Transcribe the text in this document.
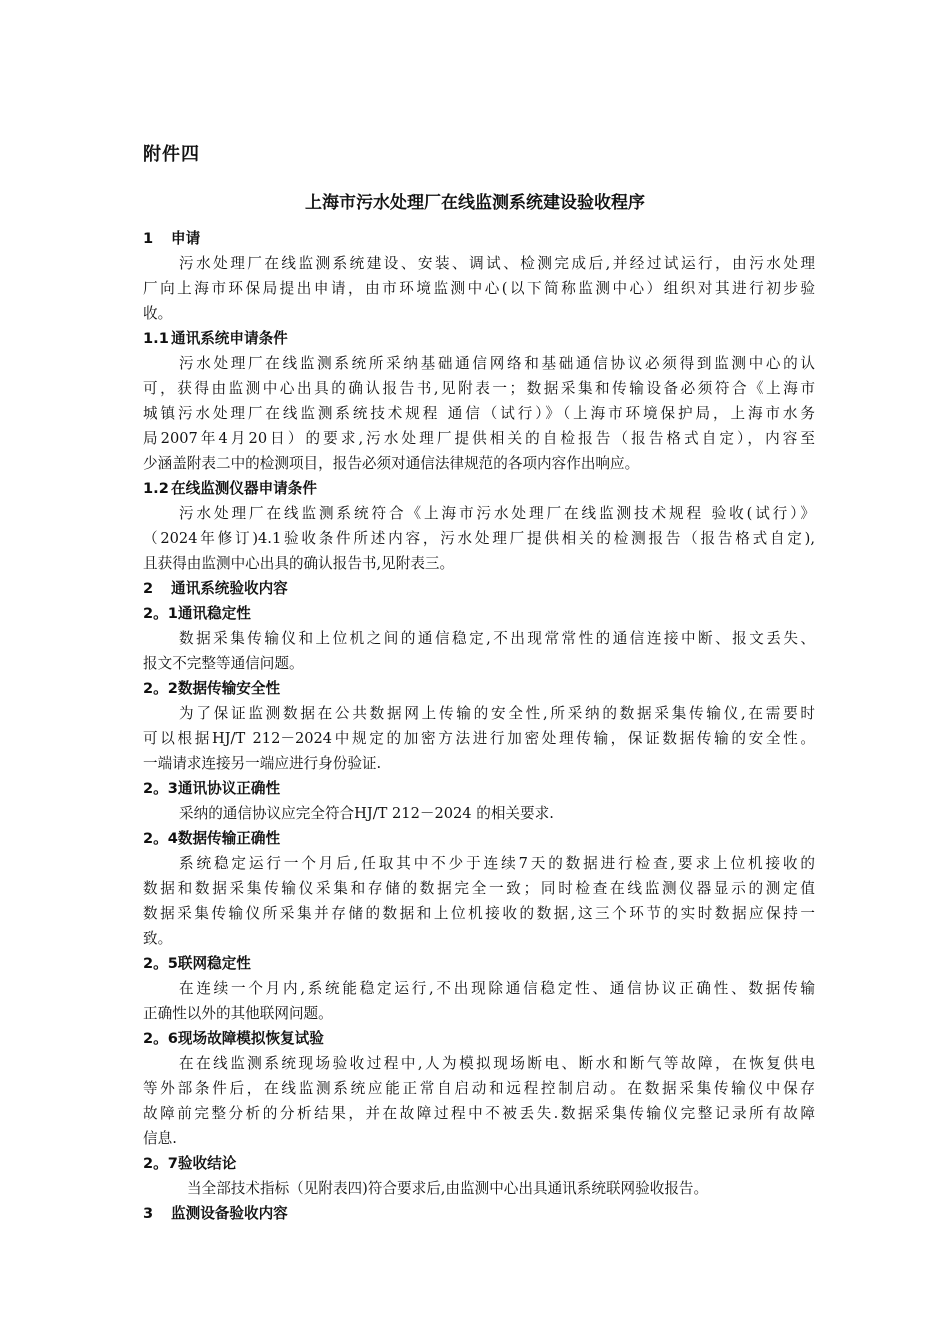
附件四
上海市污水处理厂在线监测系统建设验收程序
1 申请
污水处理厂在线监测系统建设、安装、调试、检测完成后,并经过试运行，由污水处理
厂向上海市环保局提出申请，由市环境监测中心(以下简称监测中心）组织对其进行初步验
收。
1.1 通讯系统申请条件
污水处理厂在线监测系统所采纳基础通信网络和基础通信协议必须得到监测中心的认
可，获得由监测中心出具的确认报告书,见附表一；数据采集和传输设备必须符合《上海市
城镇污水处理厂在线监测系统技术规程 通信（试行）》（上海市环境保护局，上海市水务
局2007年4月20日）的要求,污水处理厂提供相关的自检报告（报告格式自定），内容至
少涵盖附表二中的检测项目，报告必须对通信法律规范的各项内容作出响应。
1.2 在线监测仪器申请条件
污水处理厂在线监测系统符合《上海市污水处理厂在线监测技术规程 验收(试行）》
（2024年修订)4.1验收条件所述内容，污水处理厂提供相关的检测报告（报告格式自定),
且获得由监测中心出具的确认报告书,见附表三。
2 通讯系统验收内容
2。1通讯稳定性
数据采集传输仪和上位机之间的通信稳定,不出现常常性的通信连接中断、报文丢失、
报文不完整等通信问题。
2。2数据传输安全性
为了保证监测数据在公共数据网上传输的安全性,所采纳的数据采集传输仪,在需要时
可以根据HJ/T 212－2024中规定的加密方法进行加密处理传输，保证数据传输的安全性。
一端请求连接另一端应进行身份验证.
2。3通讯协议正确性
采纳的通信协议应完全符合HJ/T 212－2024 的相关要求.
2。4数据传输正确性
系统稳定运行一个月后,任取其中不少于连续7天的数据进行检查,要求上位机接收的
数据和数据采集传输仪采集和存储的数据完全一致；同时检查在线监测仪器显示的测定值
数据采集传输仪所采集并存储的数据和上位机接收的数据,这三个环节的实时数据应保持一
致。
2。5联网稳定性
在连续一个月内,系统能稳定运行,不出现除通信稳定性、通信协议正确性、数据传输
正确性以外的其他联网问题。
2。6现场故障模拟恢复试验
在在线监测系统现场验收过程中,人为模拟现场断电、断水和断气等故障，在恢复供电
等外部条件后，在线监测系统应能正常自启动和远程控制启动。在数据采集传输仪中保存
故障前完整分析的分析结果，并在故障过程中不被丢失.数据采集传输仪完整记录所有故障
信息.
2。7验收结论
当全部技术指标（见附表四)符合要求后,由监测中心出具通讯系统联网验收报告。
3 监测设备验收内容
